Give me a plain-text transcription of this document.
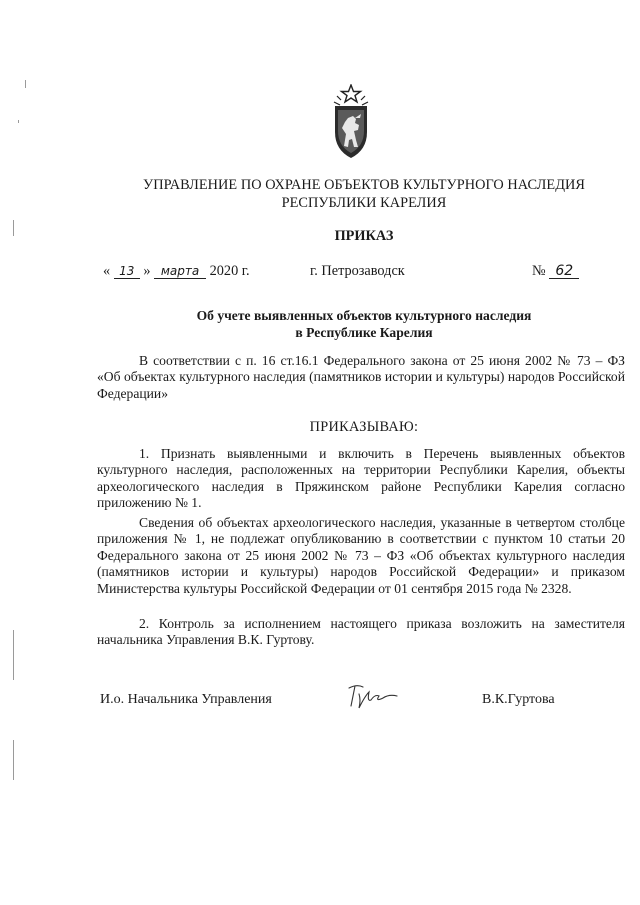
УПРАВЛЕНИЕ ПО ОХРАНЕ ОБЪЕКТОВ КУЛЬТУРНОГО НАСЛЕДИЯ
РЕСПУБЛИКИ КАРЕЛИЯ
ПРИКАЗ
« 13 » марта 2020 г.	г. Петрозаводск	№ 62
Об учете выявленных объектов культурного наследия
в Республике Карелия
В соответствии с п. 16 ст.16.1 Федерального закона от 25 июня 2002 № 73 – ФЗ «Об объектах культурного наследия (памятников истории и культуры) народов Российской Федерации»
ПРИКАЗЫВАЮ:
1. Признать выявленными и включить в Перечень выявленных объектов культурного наследия, расположенных на территории Республики Карелия, объекты археологического наследия в Пряжинском районе Республики Карелия согласно приложению № 1.
Сведения об объектах археологического наследия, указанные в четвертом столбце приложения № 1, не подлежат опубликованию в соответствии с пунктом 10 статьи 20 Федерального закона от 25 июня 2002 № 73 – ФЗ «Об объектах культурного наследия (памятников истории и культуры) народов Российской Федерации» и приказом Министерства культуры Российской Федерации от 01 сентября 2015 года № 2328.
2. Контроль за исполнением настоящего приказа возложить на заместителя начальника Управления В.К. Гуртову.
И.о. Начальника Управления	В.К.Гуртова
